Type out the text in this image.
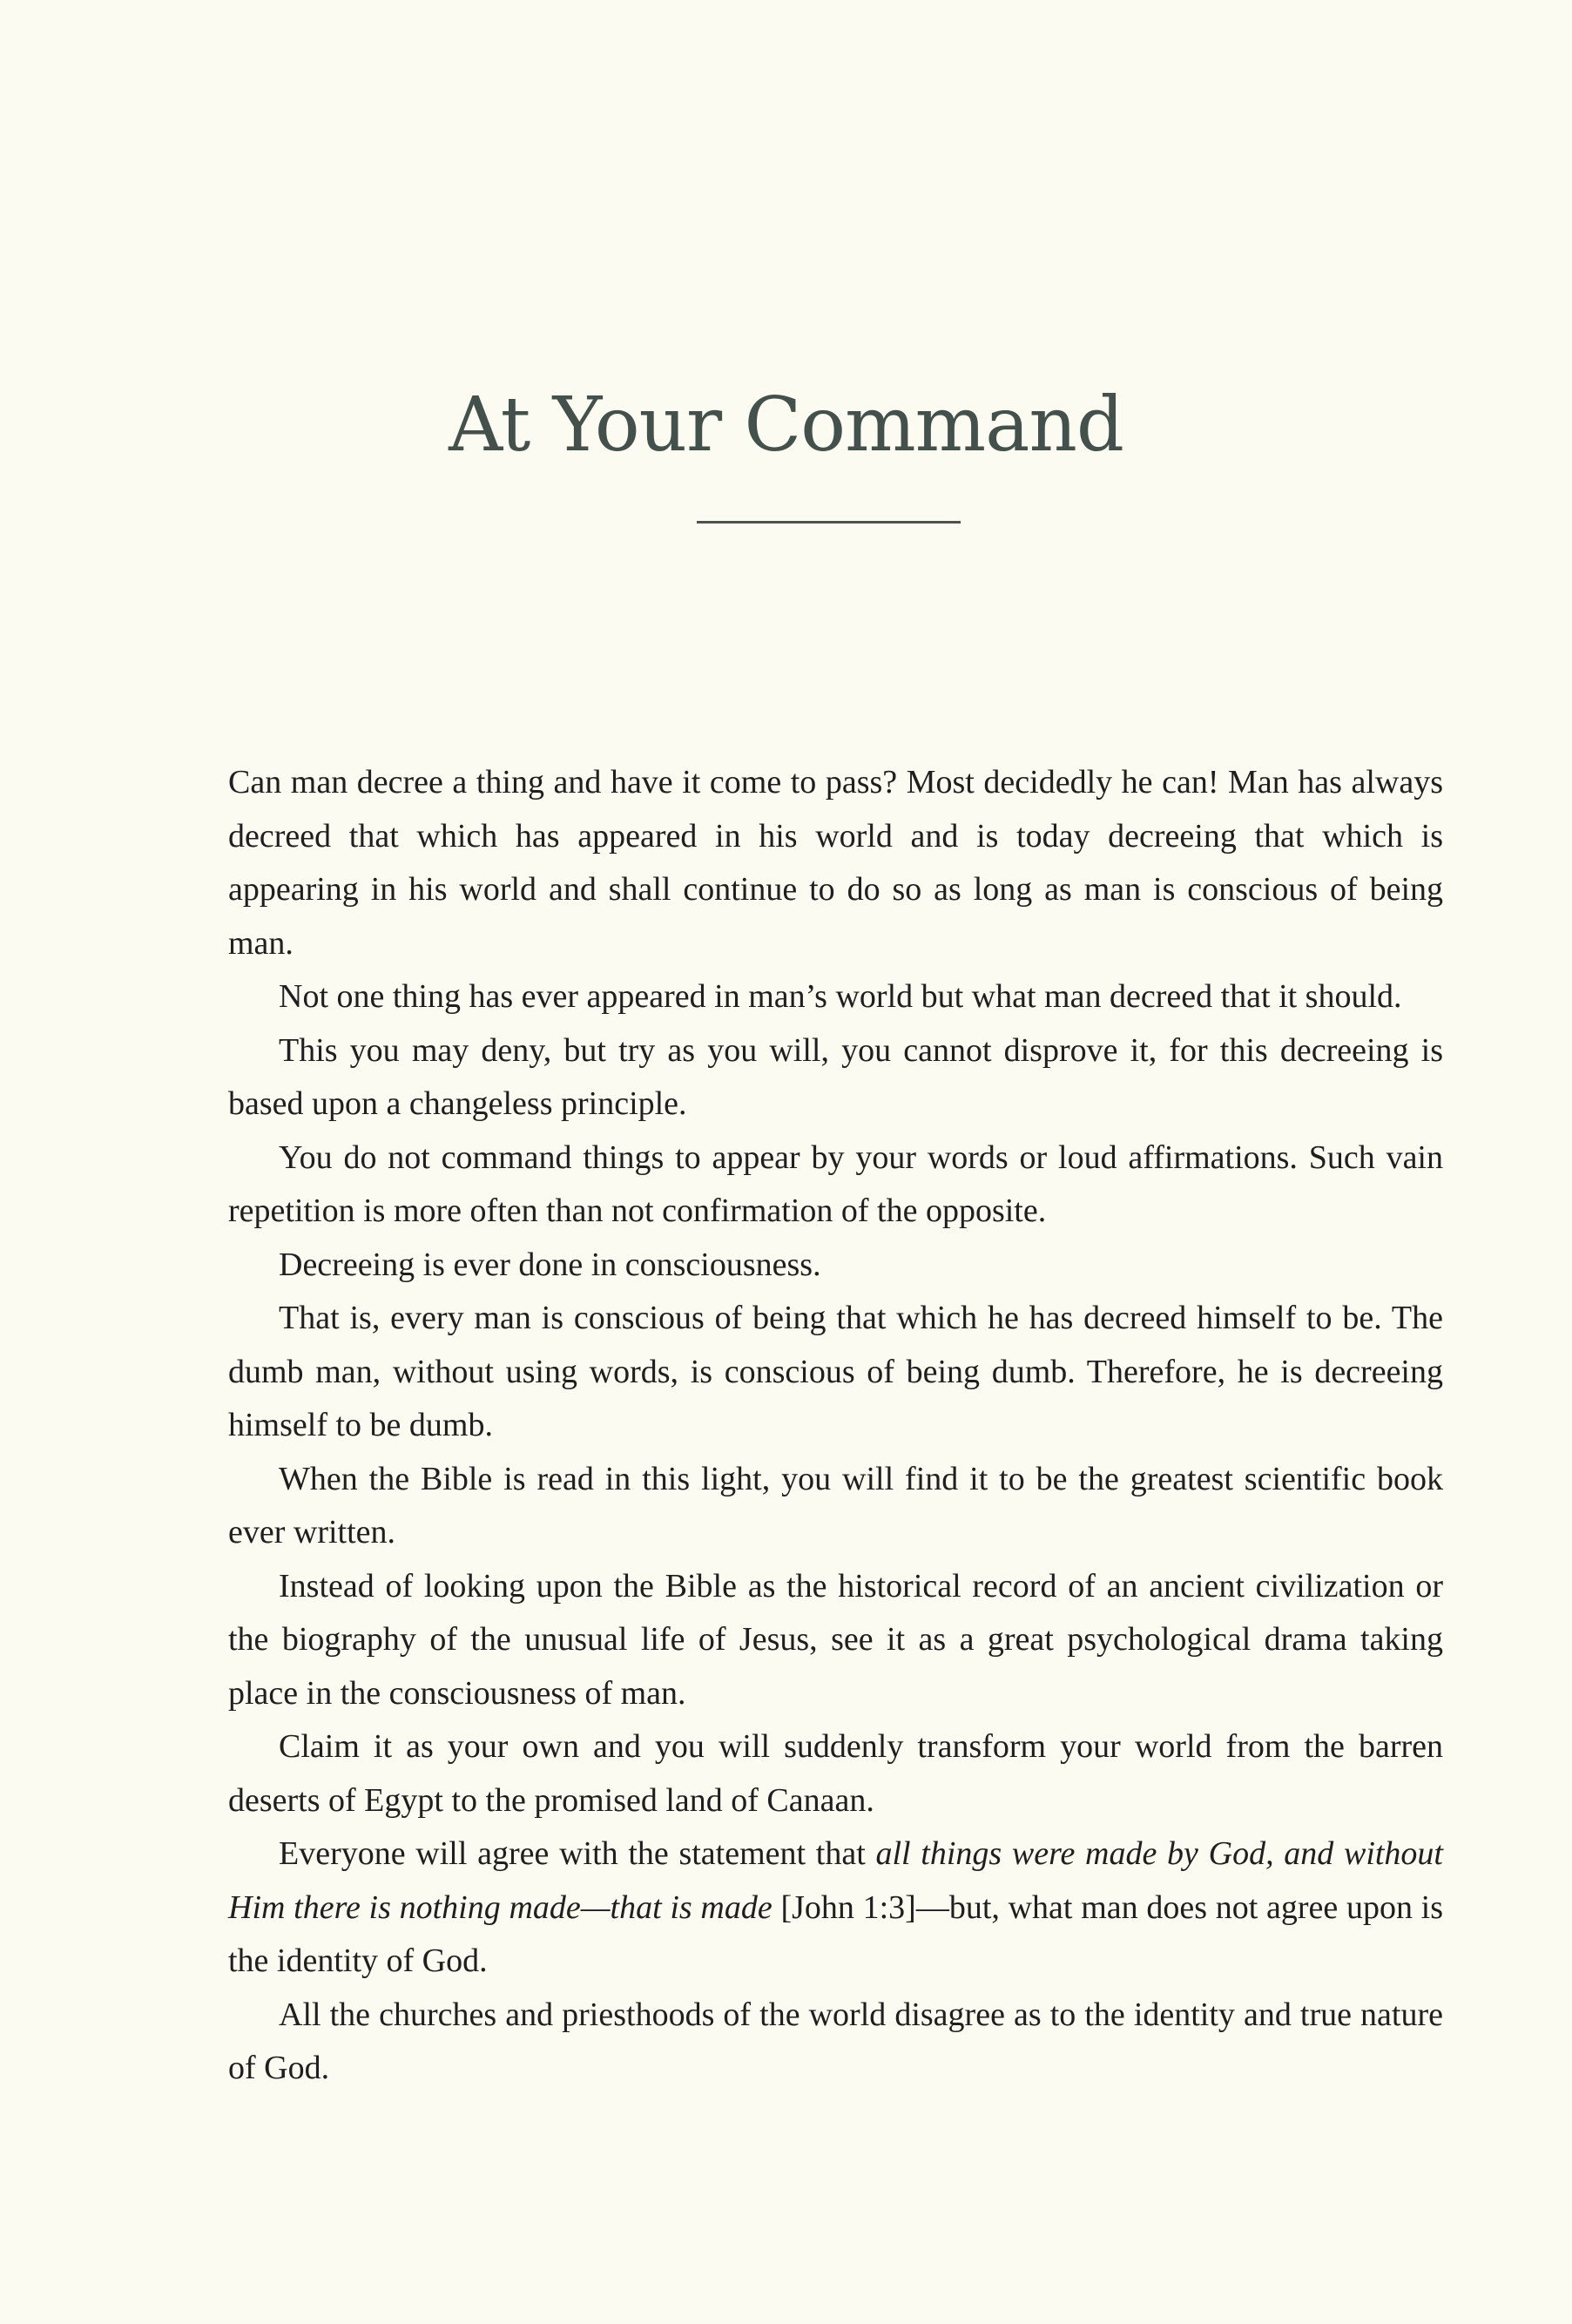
At Your Command

Can man decree a thing and have it come to pass? Most decidedly he can! Man has always decreed that which has appeared in his world and is today decreeing that which is appearing in his world and shall continue to do so as long as man is conscious of being man.

Not one thing has ever appeared in man’s world but what man decreed that it should.

This you may deny, but try as you will, you cannot disprove it, for this decreeing is based upon a changeless principle.

You do not command things to appear by your words or loud affirmations. Such vain repetition is more often than not confirmation of the opposite.

Decreeing is ever done in consciousness.

That is, every man is conscious of being that which he has decreed himself to be. The dumb man, without using words, is conscious of being dumb. Therefore, he is decreeing himself to be dumb.

When the Bible is read in this light, you will find it to be the greatest scientific book ever written.

Instead of looking upon the Bible as the historical record of an ancient civilization or the biography of the unusual life of Jesus, see it as a great psychological drama taking place in the consciousness of man.

Claim it as your own and you will suddenly transform your world from the barren deserts of Egypt to the promised land of Canaan.

Everyone will agree with the statement that all things were made by God, and without Him there is nothing made—that is made [John 1:3]—but, what man does not agree upon is the identity of God.

All the churches and priesthoods of the world disagree as to the identity and true nature of God.
